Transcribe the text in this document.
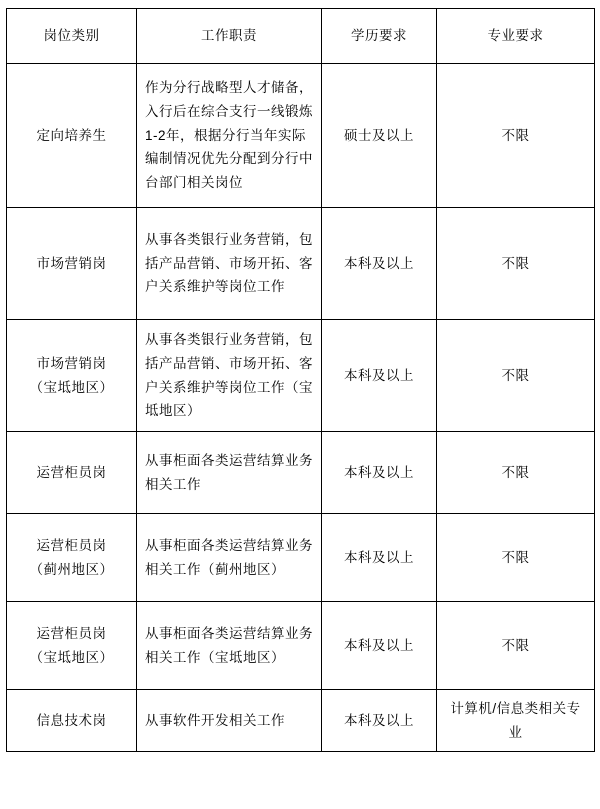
岗位类别	工作职责	学历要求	专业要求

定向培养生	作为分行战略型人才储备，入行后在综合支行一线锻炼1-2年，根据分行当年实际编制情况优先分配到分行中台部门相关岗位	硕士及以上	不限

市场营销岗	从事各类银行业务营销，包括产品营销、市场开拓、客户关系维护等岗位工作	本科及以上	不限

市场营销岗
（宝坻地区）	从事各类银行业务营销，包括产品营销、市场开拓、客户关系维护等岗位工作（宝坻地区）	本科及以上	不限

运营柜员岗	从事柜面各类运营结算业务相关工作	本科及以上	不限

运营柜员岗
（蓟州地区）	从事柜面各类运营结算业务相关工作（蓟州地区）	本科及以上	不限

运营柜员岗
（宝坻地区）	从事柜面各类运营结算业务相关工作（宝坻地区）	本科及以上	不限

信息技术岗	从事软件开发相关工作	本科及以上	计算机/信息类相关专业
